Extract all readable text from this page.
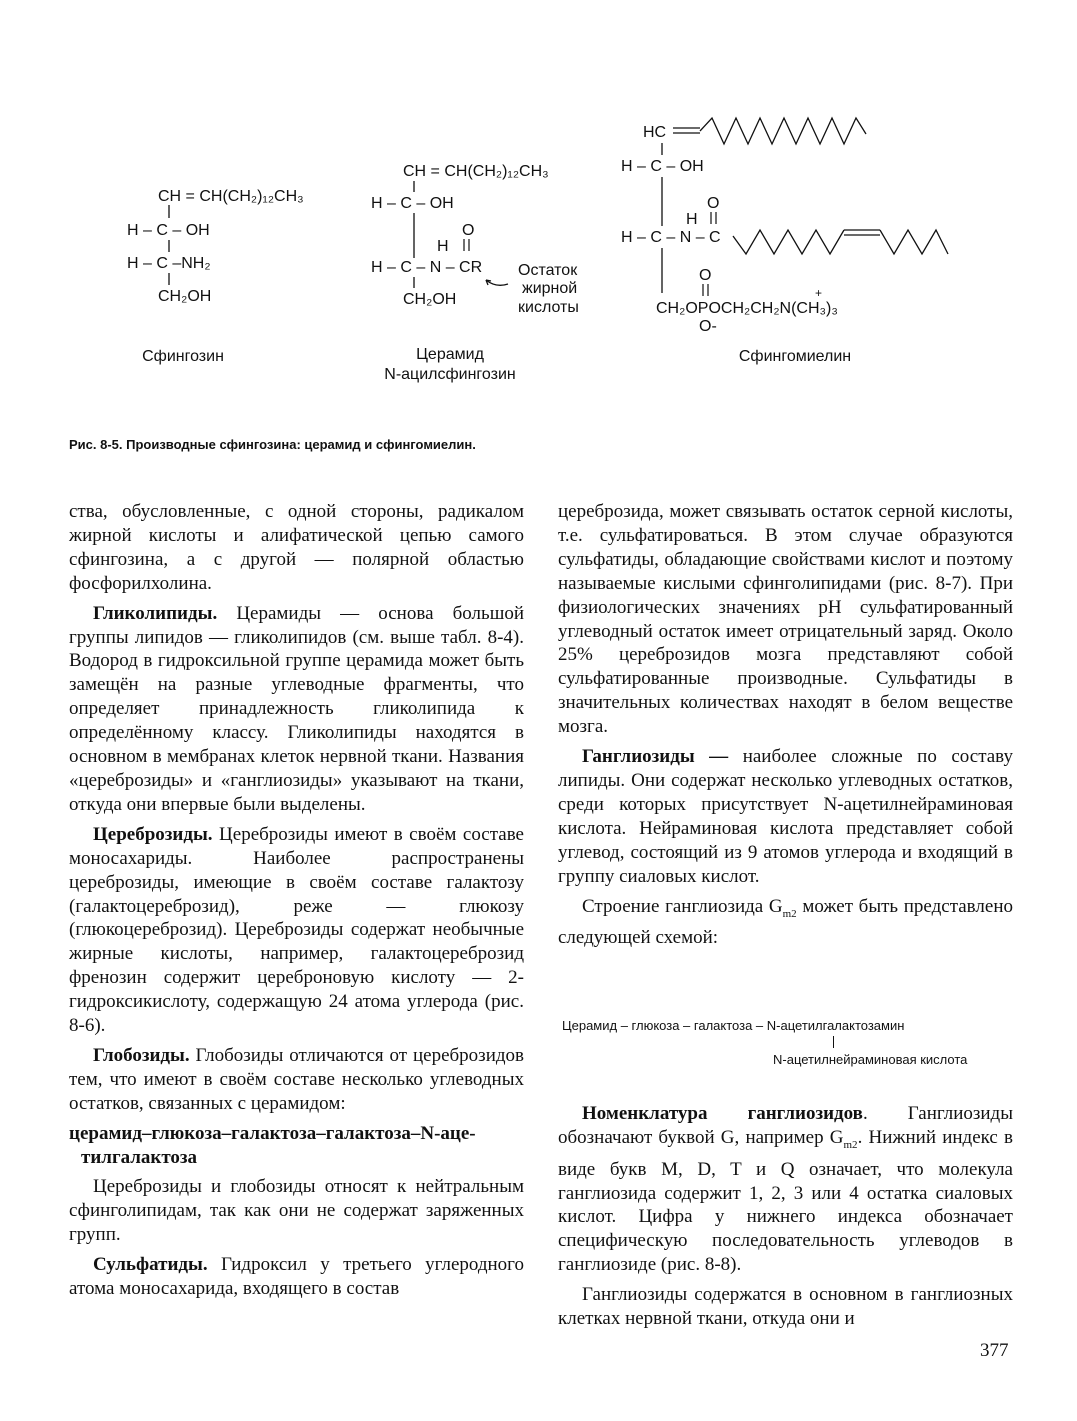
CH = CH(CH₂)₁₂CH₃
H – C – OH
H – C –NH₂
CH₂OH
CH = CH(CH₂)₁₂CH₃
H – C – OH
O
H
H – C – N – CR
CH₂OH
Остаток
жирной
кислоты
HC
H – C – OH
O
H
H – C – N – C
O
+
CH₂OPOCH₂CH₂N(CH₃)₃
O-
Сфингозин	Церамид
N-ацилсфингозин
Сфингомиелин
Рис. 8-5. Производные сфингозина: церамид и сфингомиелин.

ства, обусловленные, с одной стороны, радикалом жирной кислоты и алифатической цепью самого сфингозина, а с другой — полярной областью фосфорилхолина.

Гликолипиды. Церамиды — основа большой группы липидов — гликолипидов (см. выше табл. 8-4). Водород в гидроксильной группе церамида может быть замещён на разные углеводные фрагменты, что определяет принадлежность гликолипида к определённому классу. Гликолипиды находятся в основном в мембранах клеток нервной ткани. Названия «цереброзиды» и «ганглиозиды» указывают на ткани, откуда они впервые были выделены.

Цереброзиды. Цереброзиды имеют в своём составе моносахариды. Наиболее распространены цереброзиды, имеющие в своём составе галактозу (галактоцереброзид), реже — глюкозу (глюкоцереброзид). Цереброзиды содержат необычные жирные кислоты, например, галактоцереброзид френозин содержит цереброновую кислоту — 2-гидроксикислоту, содержащую 24 атома углерода (рис. 8-6).

Глобозиды. Глобозиды отличаются от цереброзидов тем, что имеют в своём составе несколько углеводных остатков, связанных с церамидом:

церамид–глюкоза–галактоза–галактоза–N-аце-
тилгалактоза

Цереброзиды и глобозиды относят к нейтральным сфинголипидам, так как они не содержат заряженных групп.

Сульфатиды. Гидроксил у третьего углеродного атома моносахарида, входящего в состав

цереброзида, может связывать остаток серной кислоты, т.е. сульфатироваться. В этом случае образуются сульфатиды, обладающие свойствами кислот и поэтому называемые кислыми сфинголипидами (рис. 8-7). При физиологических значениях pH сульфатированный углеводный остаток имеет отрицательный заряд. Около 25% цереброзидов мозга представляют собой сульфатированные производные. Сульфатиды в значительных количествах находят в белом веществе мозга.

Ганглиозиды — наиболее сложные по составу липиды. Они содержат несколько углеводных остатков, среди которых присутствует N-ацетилнейраминовая кислота. Нейраминовая кислота представляет собой углевод, состоящий из 9 атомов углерода и входящий в группу сиаловых кислот.

Строение ганглиозида $G_{m2}$ может быть представлено следующей схемой:

Церамид – глюкоза – галактоза – N-ацетилгалактозамин
N-ацетилнейраминовая кислота

Номенклатура ганглиозидов. Ганглиозиды обозначают буквой G, например $G_{m2}$. Нижний индекс в виде букв M, D, T и Q означает, что молекула ганглиозида содержит 1, 2, 3 или 4 остатка сиаловых кислот. Цифра у нижнего индекса обозначает специфическую последовательность углеводов в ганглиозиде (рис. 8-8).

Ганглиозиды содержатся в основном в ганглиозных клетках нервной ткани, откуда они и

377
